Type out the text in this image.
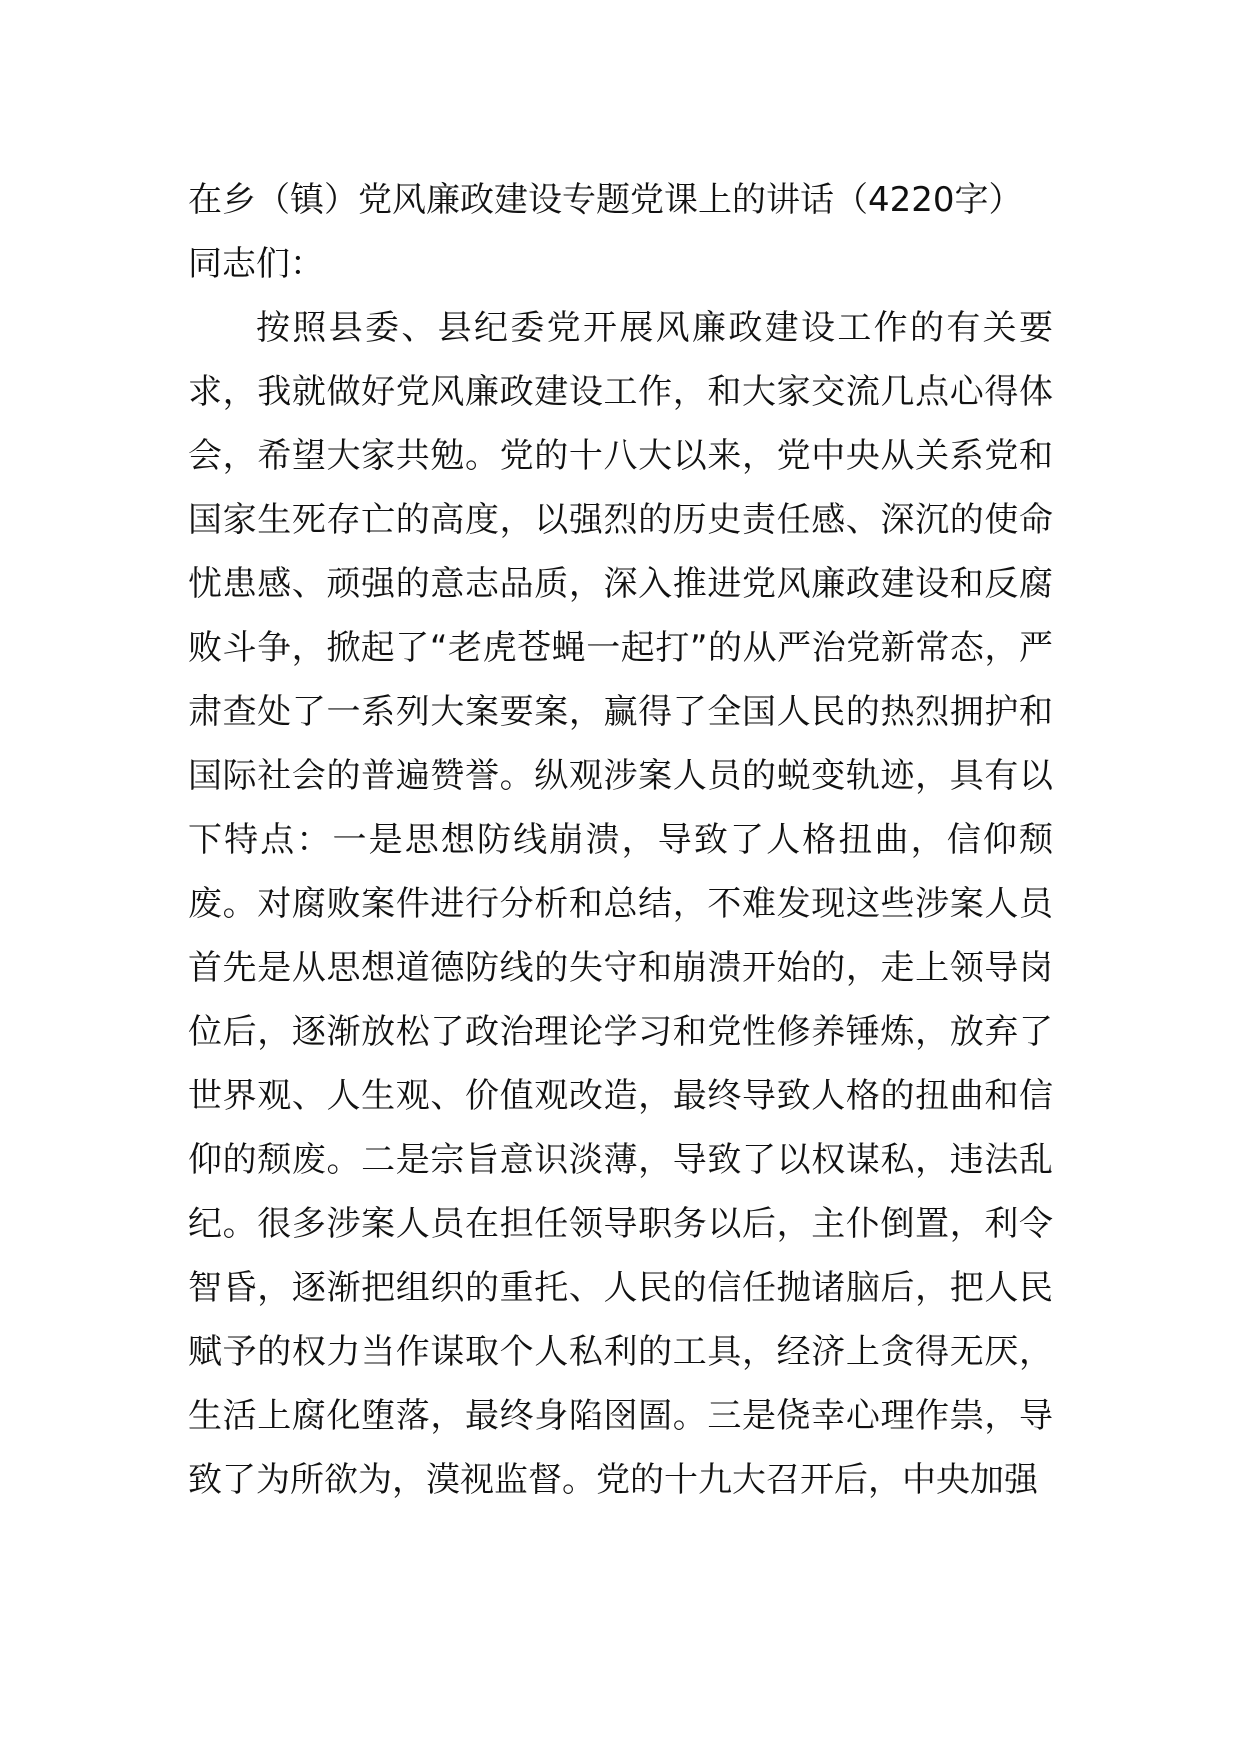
在乡（镇）党风廉政建设专题党课上的讲话（4220字）

同志们：

按照县委、县纪委党开展风廉政建设工作的有关要求，我就做好党风廉政建设工作，和大家交流几点心得体会，希望大家共勉。党的十八大以来，党中央从关系党和国家生死存亡的高度，以强烈的历史责任感、深沉的使命忧患感、顽强的意志品质，深入推进党风廉政建设和反腐败斗争，掀起了“老虎苍蝇一起打”的从严治党新常态，严肃查处了一系列大案要案，赢得了全国人民的热烈拥护和国际社会的普遍赞誉。纵观涉案人员的蜕变轨迹，具有以下特点：一是思想防线崩溃，导致了人格扭曲，信仰颓废。对腐败案件进行分析和总结，不难发现这些涉案人员首先是从思想道德防线的失守和崩溃开始的，走上领导岗位后，逐渐放松了政治理论学习和党性修养锤炼，放弃了世界观、人生观、价值观改造，最终导致人格的扭曲和信仰的颓废。二是宗旨意识淡薄，导致了以权谋私，违法乱纪。很多涉案人员在担任领导职务以后，主仆倒置，利令智昏，逐渐把组织的重托、人民的信任抛诸脑后，把人民赋予的权力当作谋取个人私利的工具，经济上贪得无厌，生活上腐化堕落，最终身陷囹圄。三是侥幸心理作祟，导致了为所欲为，漠视监督。党的十九大召开后，中央加强
